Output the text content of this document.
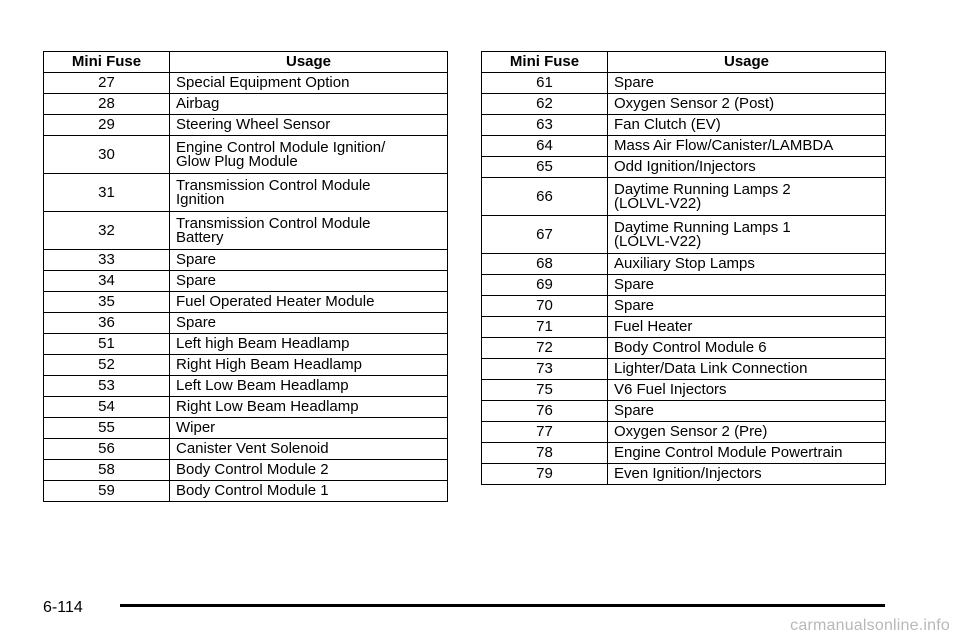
Mini Fuse	Usage
27	Special Equipment Option
28	Airbag
29	Steering Wheel Sensor
30	Engine Control Module Ignition/
Glow Plug Module
31	Transmission Control Module
Ignition
32	Transmission Control Module
Battery
33	Spare
34	Spare
35	Fuel Operated Heater Module
36	Spare
51	Left high Beam Headlamp
52	Right High Beam Headlamp
53	Left Low Beam Headlamp
54	Right Low Beam Headlamp
55	Wiper
56	Canister Vent Solenoid
58	Body Control Module 2
59	Body Control Module 1
Mini Fuse	Usage
61	Spare
62	Oxygen Sensor 2 (Post)
63	Fan Clutch (EV)
64	Mass Air Flow/Canister/LAMBDA
65	Odd Ignition/Injectors
66	Daytime Running Lamps 2
(LOLVL-V22)
67	Daytime Running Lamps 1
(LOLVL-V22)
68	Auxiliary Stop Lamps
69	Spare
70	Spare
71	Fuel Heater
72	Body Control Module 6
73	Lighter/Data Link Connection
75	V6 Fuel Injectors
76	Spare
77	Oxygen Sensor 2 (Pre)
78	Engine Control Module Powertrain
79	Even Ignition/Injectors
6-114
carmanualsonline.info
